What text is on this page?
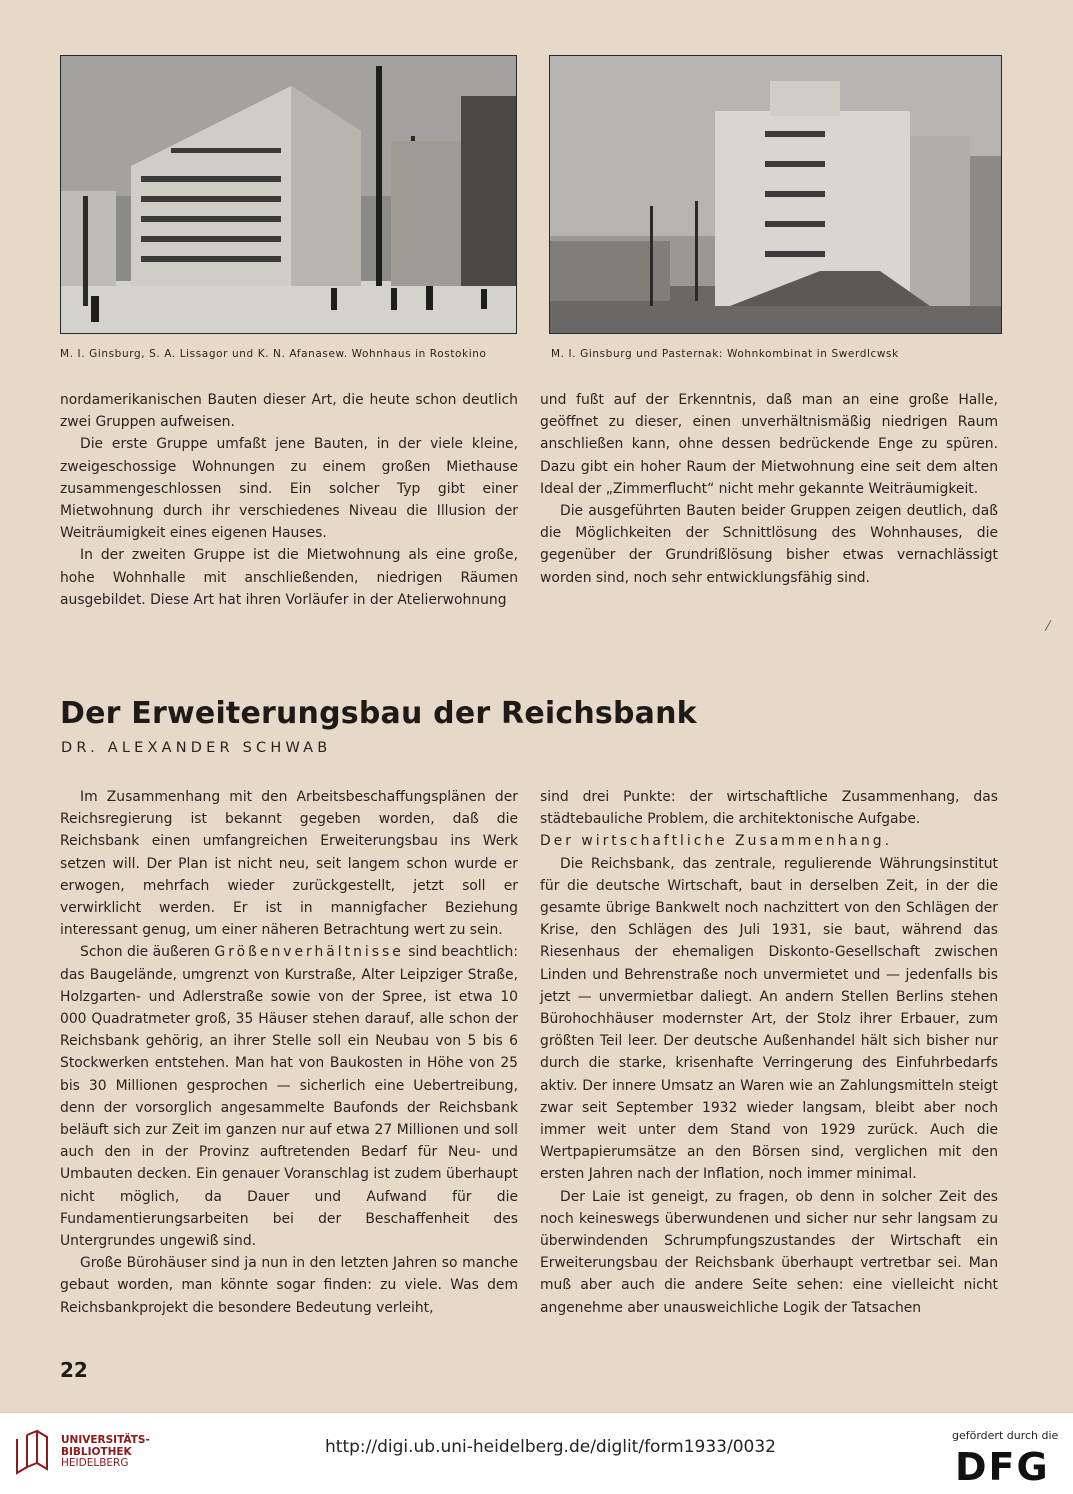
M. I. Ginsburg, S. A. Lissagor und K. N. Afanasew. Wohnhaus in Rostokino	M. I. Ginsburg und Pasternak: Wohnkombinat in Swerdlcwsk

nordamerikanischen Bauten dieser Art, die heute schon deutlich zwei Gruppen aufweisen.

Die erste Gruppe umfaßt jene Bauten, in der viele kleine, zweigeschossige Wohnungen zu einem großen Miethause zusammengeschlossen sind. Ein solcher Typ gibt einer Mietwohnung durch ihr verschiedenes Niveau die Illusion der Weiträumigkeit eines eigenen Hauses.

In der zweiten Gruppe ist die Mietwohnung als eine große, hohe Wohnhalle mit anschließenden, niedrigen Räumen ausgebildet. Diese Art hat ihren Vorläufer in der Atelierwohnung

und fußt auf der Erkenntnis, daß man an eine große Halle, geöffnet zu dieser, einen unverhältnismäßig niedrigen Raum anschließen kann, ohne dessen bedrückende Enge zu spüren. Dazu gibt ein hoher Raum der Mietwohnung eine seit dem alten Ideal der „Zimmerflucht“ nicht mehr gekannte Weiträumigkeit.

Die ausgeführten Bauten beider Gruppen zeigen deutlich, daß die Möglichkeiten der Schnittlösung des Wohnhauses, die gegenüber der Grundrißlösung bisher etwas vernachlässigt worden sind, noch sehr entwicklungsfähig sind.

Der Erweiterungsbau der Reichsbank
DR. ALEXANDER SCHWAB

Im Zusammenhang mit den Arbeitsbeschaffungsplänen der Reichsregierung ist bekannt gegeben worden, daß die Reichsbank einen umfangreichen Erweiterungsbau ins Werk setzen will. Der Plan ist nicht neu, seit langem schon wurde er erwogen, mehrfach wieder zurückgestellt, jetzt soll er verwirklicht werden. Er ist in mannigfacher Beziehung interessant genug, um einer näheren Betrachtung wert zu sein.

Schon die äußeren Größenverhältnisse sind beachtlich: das Baugelände, umgrenzt von Kurstraße, Alter Leipziger Straße, Holzgarten- und Adlerstraße sowie von der Spree, ist etwa 10 000 Quadratmeter groß, 35 Häuser stehen darauf, alle schon der Reichsbank gehörig, an ihrer Stelle soll ein Neubau von 5 bis 6 Stockwerken entstehen. Man hat von Baukosten in Höhe von 25 bis 30 Millionen gesprochen — sicherlich eine Uebertreibung, denn der vorsorglich angesammelte Baufonds der Reichsbank beläuft sich zur Zeit im ganzen nur auf etwa 27 Millionen und soll auch den in der Provinz auftretenden Bedarf für Neu- und Umbauten decken. Ein genauer Voranschlag ist zudem überhaupt nicht möglich, da Dauer und Aufwand für die Fundamentierungsarbeiten bei der Beschaffenheit des Untergrundes ungewiß sind.

Große Bürohäuser sind ja nun in den letzten Jahren so manche gebaut worden, man könnte sogar finden: zu viele. Was dem Reichsbankprojekt die besondere Bedeutung verleiht,

sind drei Punkte: der wirtschaftliche Zusammenhang, das städtebauliche Problem, die architektonische Aufgabe.

Der wirtschaftliche Zusammenhang.

Die Reichsbank, das zentrale, regulierende Währungsinstitut für die deutsche Wirtschaft, baut in derselben Zeit, in der die gesamte übrige Bankwelt noch nachzittert von den Schlägen der Krise, den Schlägen des Juli 1931, sie baut, während das Riesenhaus der ehemaligen Diskonto-Gesellschaft zwischen Linden und Behrenstraße noch unvermietet und — jedenfalls bis jetzt — unvermietbar daliegt. An andern Stellen Berlins stehen Bürohochhäuser modernster Art, der Stolz ihrer Erbauer, zum größten Teil leer. Der deutsche Außenhandel hält sich bisher nur durch die starke, krisenhafte Verringerung des Einfuhrbedarfs aktiv. Der innere Umsatz an Waren wie an Zahlungsmitteln steigt zwar seit September 1932 wieder langsam, bleibt aber noch immer weit unter dem Stand von 1929 zurück. Auch die Wertpapierumsätze an den Börsen sind, verglichen mit den ersten Jahren nach der Inflation, noch immer minimal.

Der Laie ist geneigt, zu fragen, ob denn in solcher Zeit des noch keineswegs überwundenen und sicher nur sehr langsam zu überwindenden Schrumpfungszustandes der Wirtschaft ein Erweiterungsbau der Reichsbank überhaupt vertretbar sei. Man muß aber auch die andere Seite sehen: eine vielleicht nicht angenehme aber unausweichliche Logik der Tatsachen

22
UNIVERSITÄTS-
BIBLIOTHEK
HEIDELBERG
http://digi.ub.uni-heidelberg.de/diglit/form1933/0032
gefördert durch die
DFG
